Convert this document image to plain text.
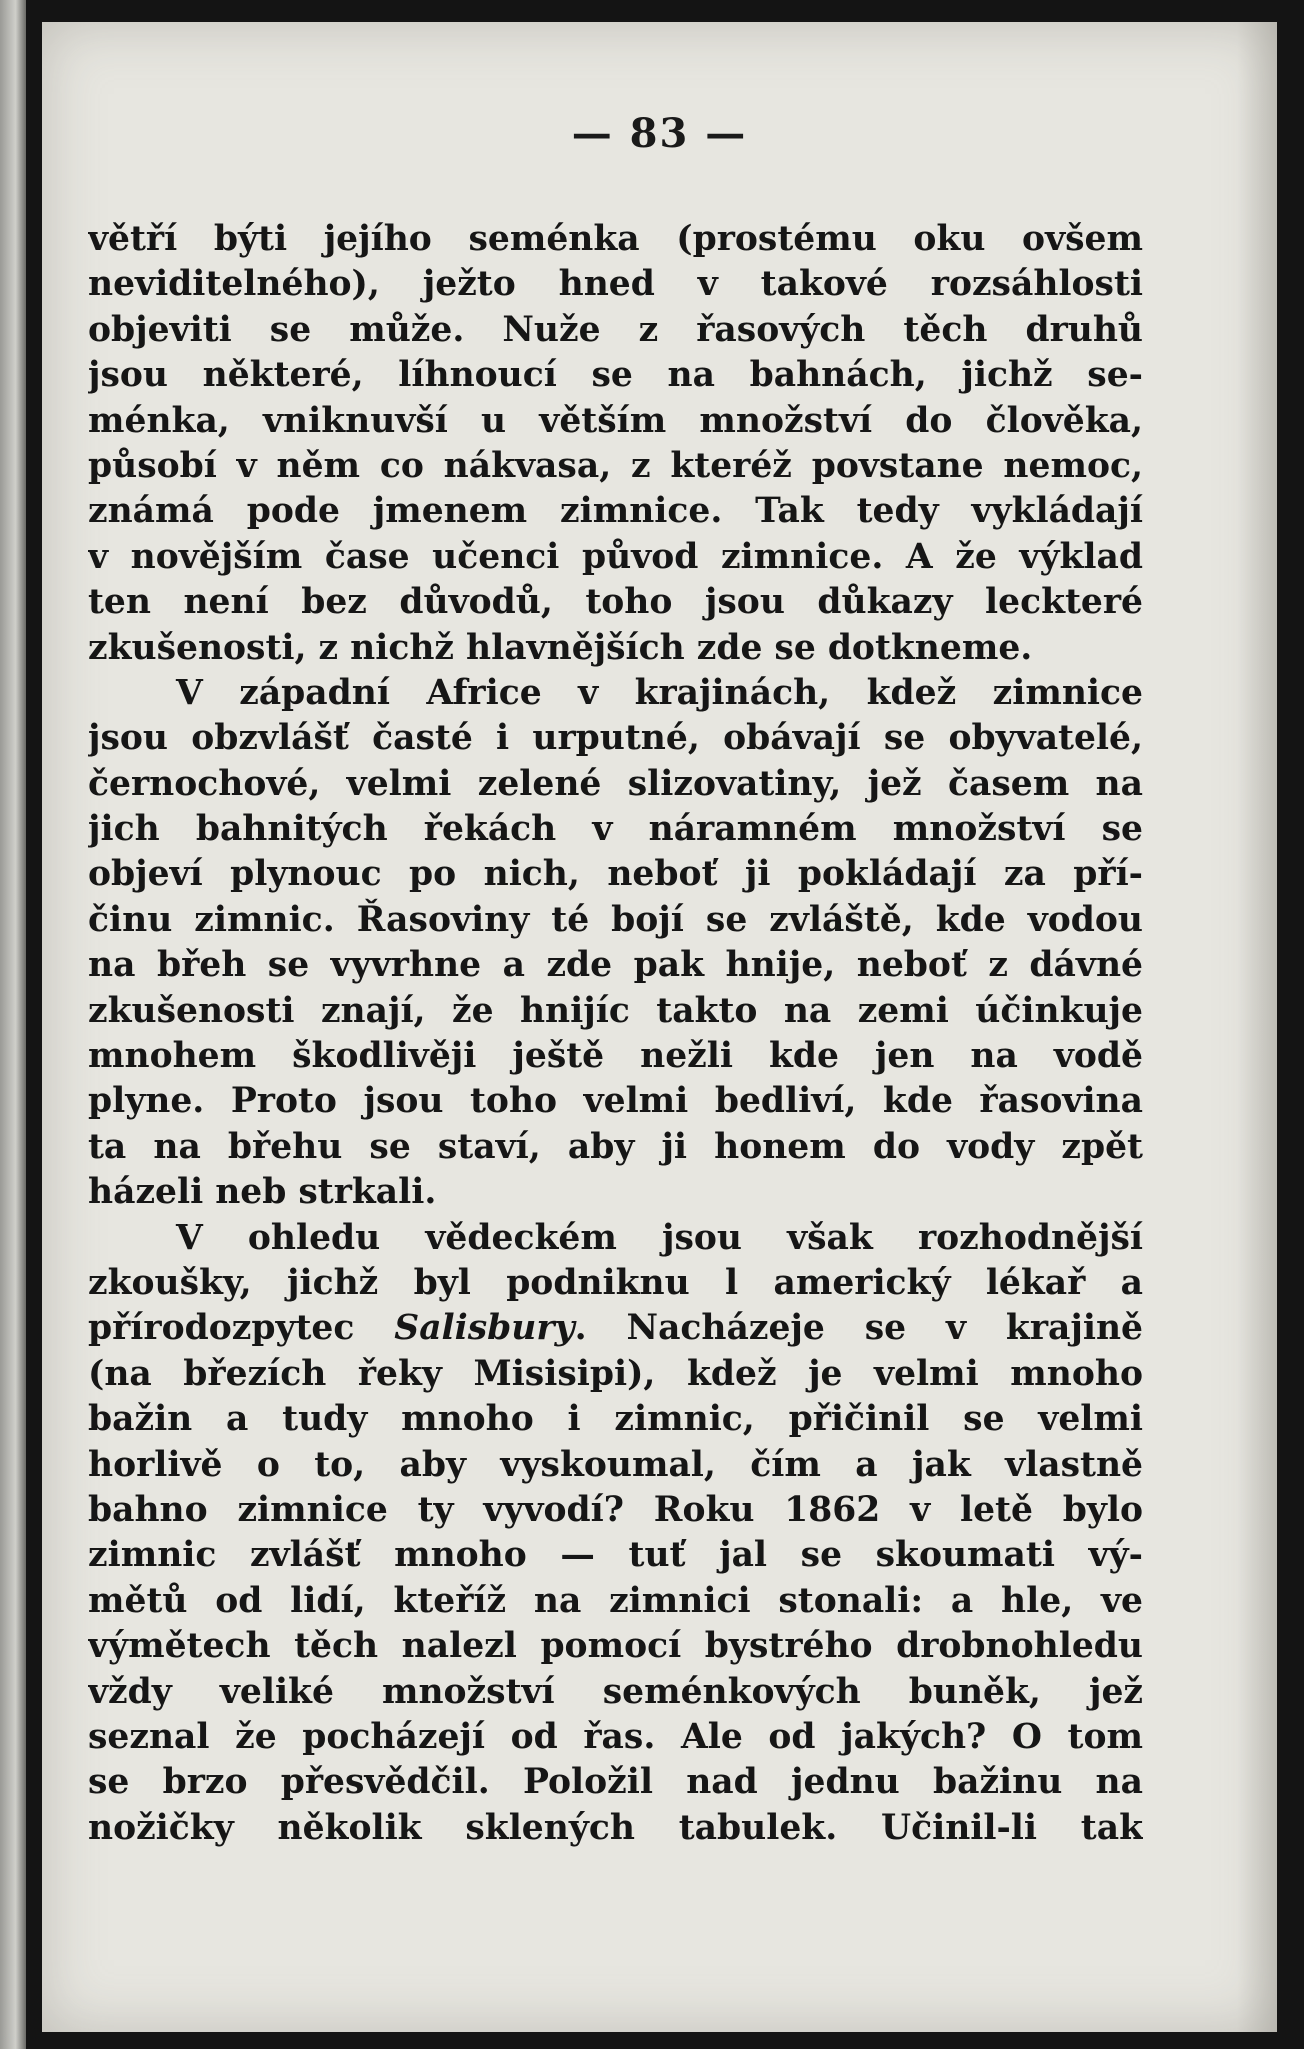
— 83 —
větří býti jejího seménka (prostému oku ovšem
neviditelného), ježto hned v takové rozsáhlosti
objeviti se může. Nuže z řasových těch druhů
jsou některé, líhnoucí se na bahnách, jichž se-
ménka, vniknuvší u větším množství do člověka,
působí v něm co nákvasa, z kteréž povstane nemoc,
známá pode jmenem zimnice. Tak tedy vykládají
v novějším čase učenci původ zimnice. A že výklad
ten není bez důvodů, toho jsou důkazy leckteré
zkušenosti, z nichž hlavnějších zde se dotkneme.
V západní Africe v krajinách, kdež zimnice
jsou obzvlášť časté i urputné, obávají se obyvatelé,
černochové, velmi zelené slizovatiny, jež časem na
jich bahnitých řekách v náramném množství se
objeví plynouc po nich, neboť ji pokládají za pří-
činu zimnic. Řasoviny té bojí se zvláště, kde vodou
na břeh se vyvrhne a zde pak hnije, neboť z dávné
zkušenosti znají, že hnijíc takto na zemi účinkuje
mnohem škodlivěji ještě nežli kde jen na vodě
plyne. Proto jsou toho velmi bedliví, kde řasovina
ta na břehu se staví, aby ji honem do vody zpět
házeli neb strkali.
V ohledu vědeckém jsou však rozhodnější
zkoušky, jichž byl podniknu l americký lékař a
přírodozpytec Salisbury. Nacházeje se v krajině
(na březích řeky Misisipi), kdež je velmi mnoho
bažin a tudy mnoho i zimnic, přičinil se velmi
horlivě o to, aby vyskoumal, čím a jak vlastně
bahno zimnice ty vyvodí? Roku 1862 v letě bylo
zimnic zvlášť mnoho — tuť jal se skoumati vý-
mětů od lidí, kteříž na zimnici stonali: a hle, ve
výmětech těch nalezl pomocí bystrého drobnohledu
vždy veliké množství seménkových buněk, jež
seznal že pocházejí od řas. Ale od jakých? O tom
se brzo přesvědčil. Položil nad jednu bažinu na
nožičky několik sklených tabulek. Učinil-li tak
